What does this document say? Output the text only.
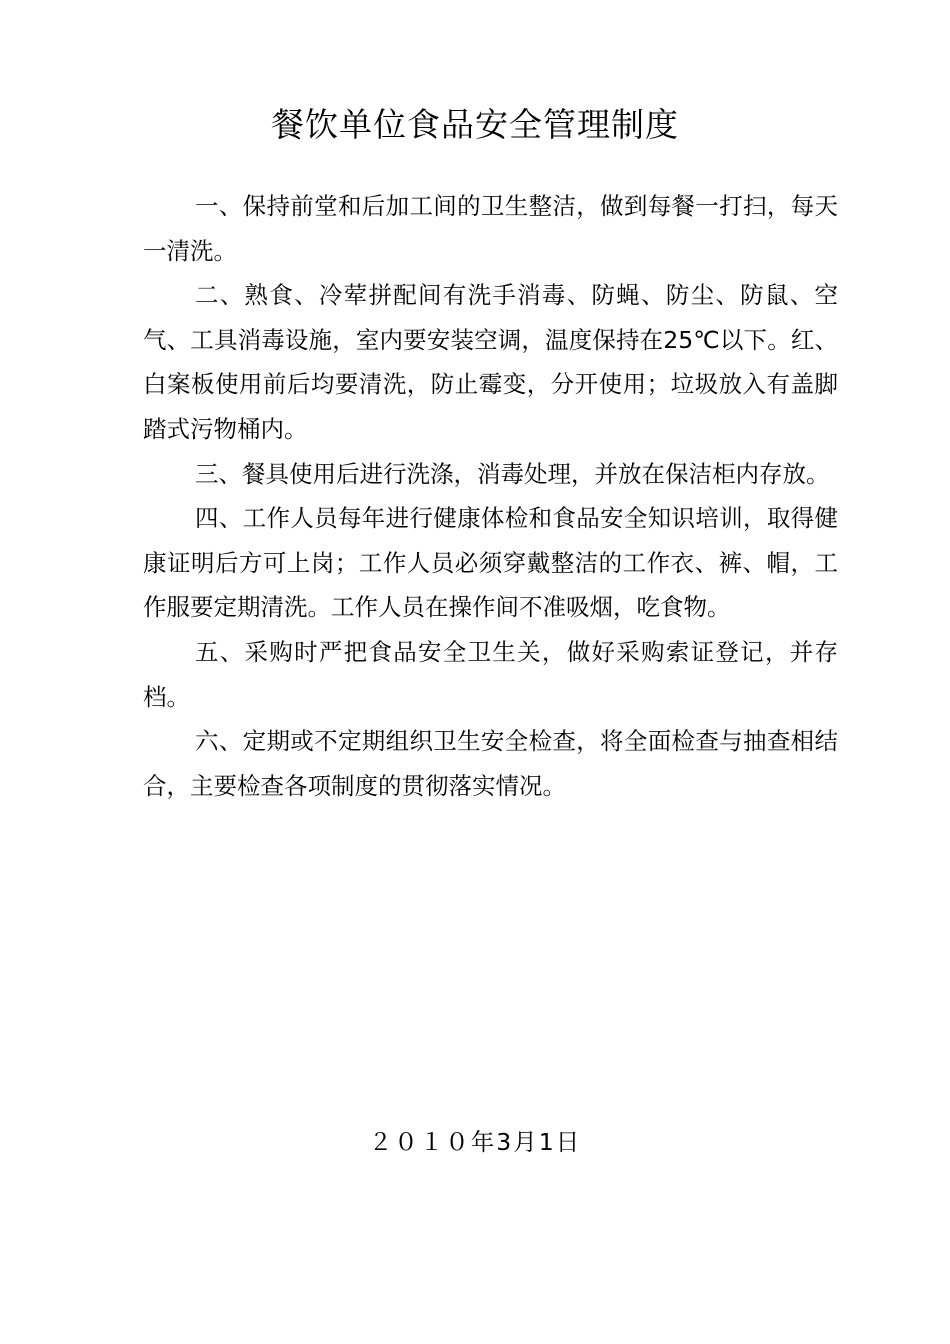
餐饮单位食品安全管理制度

一、保持前堂和后加工间的卫生整洁，做到每餐一打扫，每天一清洗。

二、熟食、冷荤拼配间有洗手消毒、防蝇、防尘、防鼠、空气、工具消毒设施，室内要安装空调，温度保持在25℃以下。红、白案板使用前后均要清洗，防止霉变，分开使用；垃圾放入有盖脚踏式污物桶内。

三、餐具使用后进行洗涤，消毒处理，并放在保洁柜内存放。

四、工作人员每年进行健康体检和食品安全知识培训，取得健康证明后方可上岗；工作人员必须穿戴整洁的工作衣、裤、帽，工作服要定期清洗。工作人员在操作间不准吸烟，吃食物。

五、采购时严把食品安全卫生关，做好采购索证登记，并存档。

六、定期或不定期组织卫生安全检查，将全面检查与抽查相结合，主要检查各项制度的贯彻落实情况。

２０１０年3月1日
